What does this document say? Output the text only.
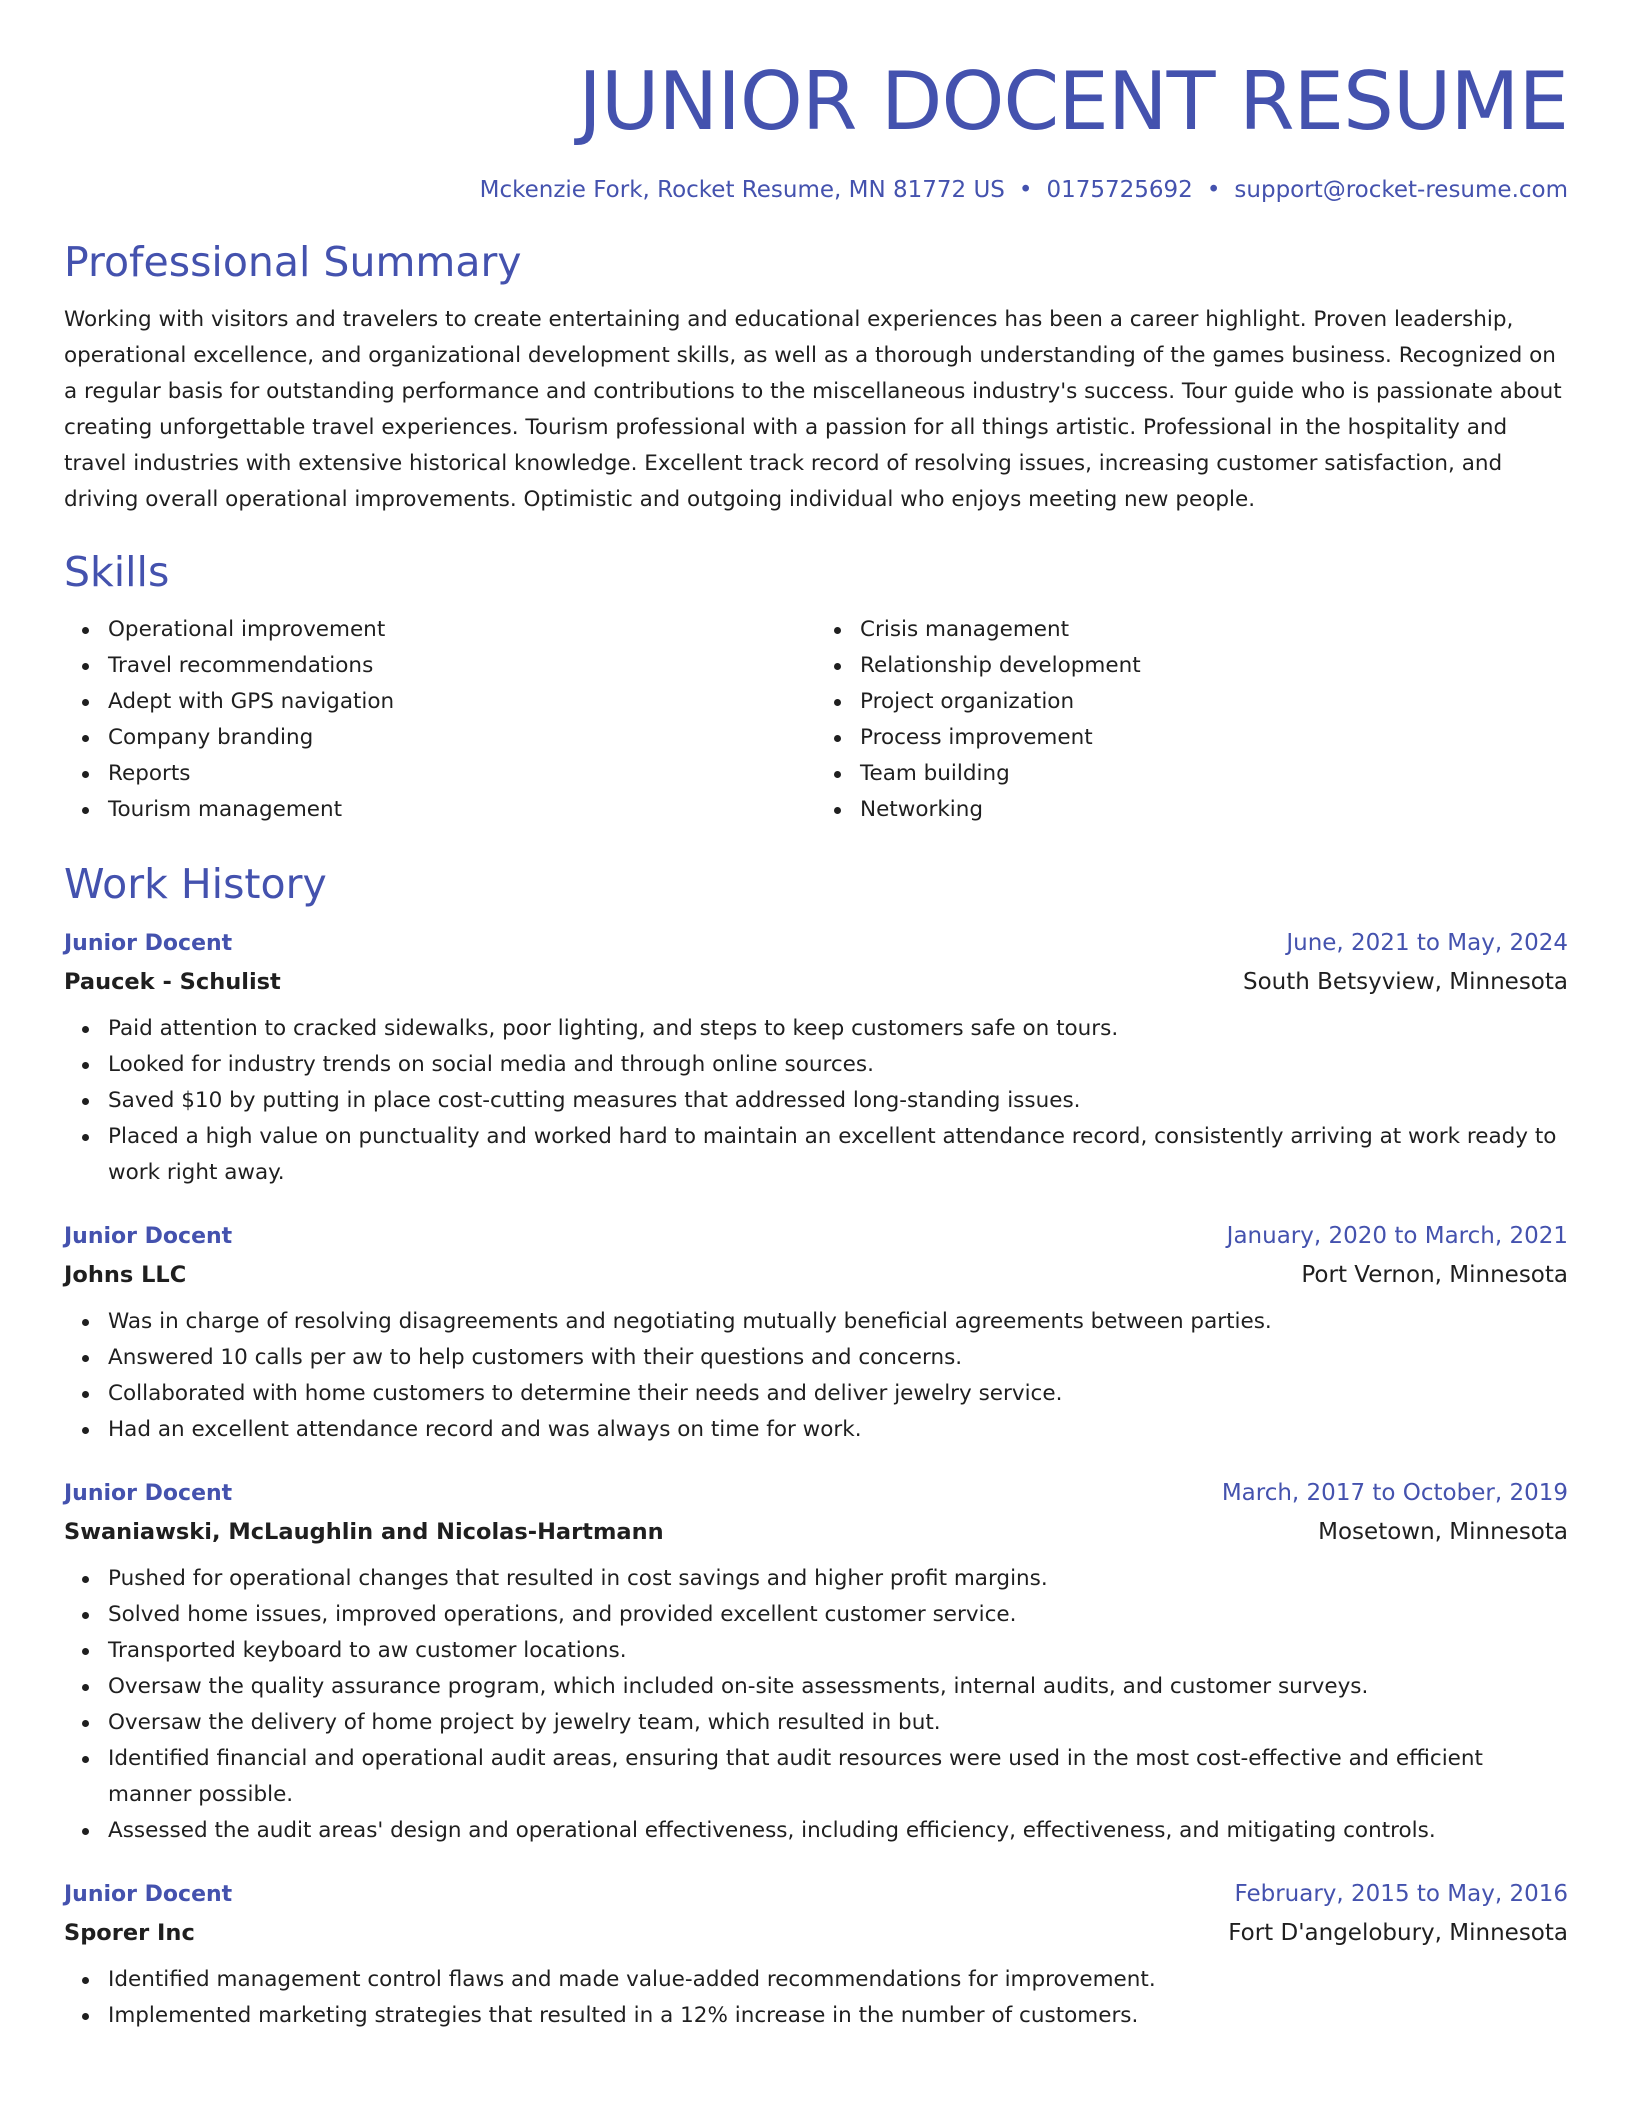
JUNIOR DOCENT RESUME
Mckenzie Fork, Rocket Resume, MN 81772 US • 0175725692 • support@rocket-resume.com
Professional Summary

Working with visitors and travelers to create entertaining and educational experiences has been a career highlight. Proven leadership, operational excellence, and organizational development skills, as well as a thorough understanding of the games business. Recognized on a regular basis for outstanding performance and contributions to the miscellaneous industry's success. Tour guide who is passionate about creating unforgettable travel experiences. Tourism professional with a passion for all things artistic. Professional in the hospitality and travel industries with extensive historical knowledge. Excellent track record of resolving issues, increasing customer satisfaction, and driving overall operational improvements. Optimistic and outgoing individual who enjoys meeting new people.

Skills
Operational improvement
Travel recommendations
Adept with GPS navigation
Company branding
Reports
Tourism management
Crisis management
Relationship development
Project organization
Process improvement
Team building
Networking
Work History
Junior Docent	June, 2021 to May, 2024
Paucek - Schulist	South Betsyview, Minnesota
Paid attention to cracked sidewalks, poor lighting, and steps to keep customers safe on tours.
Looked for industry trends on social media and through online sources.
Saved $10 by putting in place cost-cutting measures that addressed long-standing issues.
Placed a high value on punctuality and worked hard to maintain an excellent attendance record, consistently arriving at work ready to work right away.
Junior Docent	January, 2020 to March, 2021
Johns LLC	Port Vernon, Minnesota
Was in charge of resolving disagreements and negotiating mutually beneficial agreements between parties.
Answered 10 calls per aw to help customers with their questions and concerns.
Collaborated with home customers to determine their needs and deliver jewelry service.
Had an excellent attendance record and was always on time for work.
Junior Docent	March, 2017 to October, 2019
Swaniawski, McLaughlin and Nicolas-Hartmann	Mosetown, Minnesota
Pushed for operational changes that resulted in cost savings and higher profit margins.
Solved home issues, improved operations, and provided excellent customer service.
Transported keyboard to aw customer locations.
Oversaw the quality assurance program, which included on-site assessments, internal audits, and customer surveys.
Oversaw the delivery of home project by jewelry team, which resulted in but.
Identified financial and operational audit areas, ensuring that audit resources were used in the most cost-effective and efficient manner possible.
Assessed the audit areas' design and operational effectiveness, including efficiency, effectiveness, and mitigating controls.
Junior Docent	February, 2015 to May, 2016
Sporer Inc	Fort D'angelobury, Minnesota
Identified management control flaws and made value-added recommendations for improvement.
Implemented marketing strategies that resulted in a 12% increase in the number of customers.
